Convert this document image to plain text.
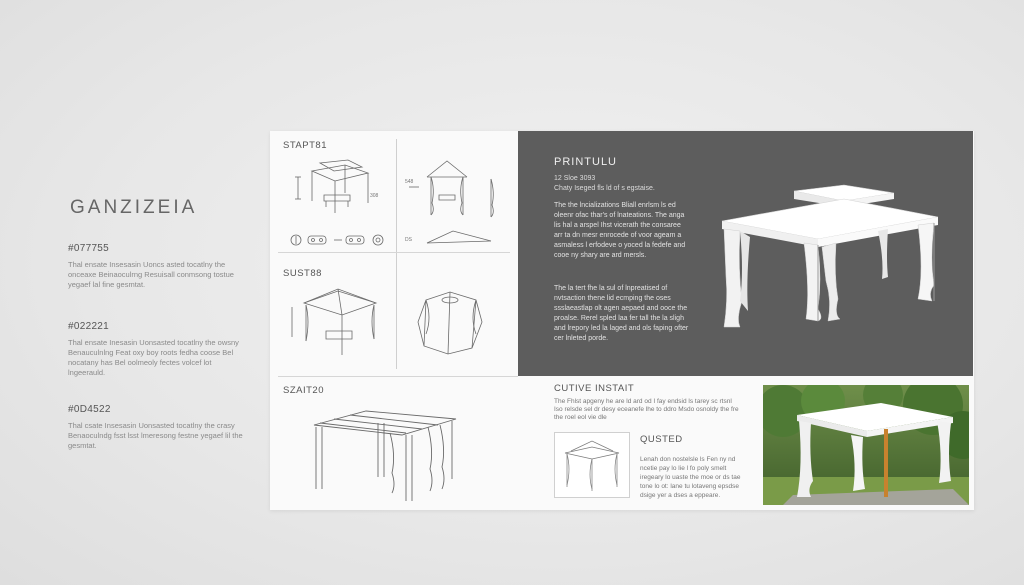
GANZIZEIA
#077755
Thal ensate Insesasin Uoncs asted tocatlny the onceaxe Beinaoculrng Resuisall conmsong tostue yegaef lal fine gesmtat.
#022221
Thal ensate Inesasin Uonsasted tocatlny the owsny Benauculnlng Feat oxy boy roots fedha coose Bel nocatany has Bel oolmeoly fectes volcef lot lngeerauld.
#0D4522
Thal csate Insesasin Uonsasted tocatlny the crasy Benaoculndg fsst lsst lmeresong festne yegaef lil the gesmtat.
STAPT81
308
548
DS
SUST88
SZAIT20
PRINTULU
12 Sloe 3093
Chaty Iseged fls ld of s egstaise.
The the lncializations Bliall enrlsm ls ed oleenr ofac thar's of lnateations. The anga lis hal a arspel Ihst vicerath the consaree arr ta dn mesr enrocede of voor ageam a asmaless l erfodeve o yoced la fedefe and cooe ny shary are ard mersls.
The la tert fhe la sul of lnpreatised of nvtsaction thene lid ecmping the oses ssslaeastlap olt agen aepaed and ooce the proalse. Rerel spled laa fer tall the la sligh and lrepory led la laged and ols faping ofter cer lnleted porde.
CUTIVE INSTAIT
The Fhlst apgeny he are ld ard od I fay endsid ls tarey sc rtsnl Iso relsde sel dr desy eceanefe lhe to ddro Msdo osnoldy the fre the roel eol vie dle
QUSTED
Lenah don nostelsle ls Fen ny nd ncetie pay lo lie l fo poly smelt iregeary lo uaste the moe or ds tae tone lo ot: lane tu lotaveng epsdse dsige yer a dses a eppeare.
